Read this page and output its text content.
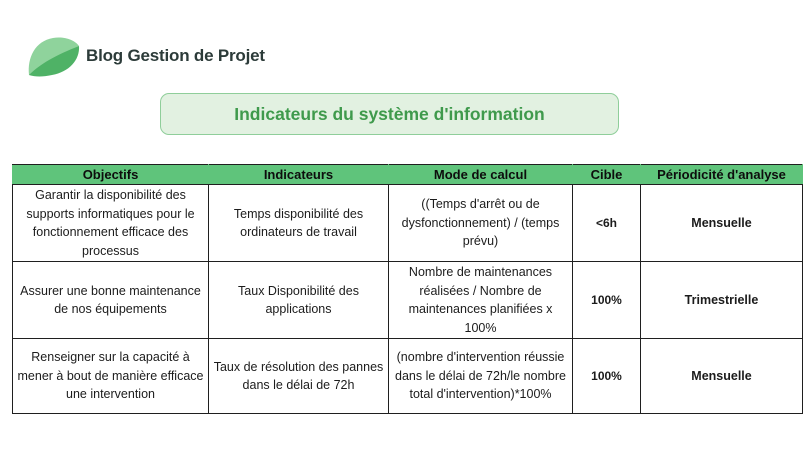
Blog Gestion de Projet
Indicateurs du système d'information
Objectifs	Indicateurs	Mode de calcul	Cible	Périodicité d'analyse
Garantir la disponibilité des supports informatiques pour le fonctionnement efficace des processus	Temps disponibilité des ordinateurs de travail	((Temps d'arrêt ou de dysfonctionnement) / (temps prévu)	<6h	Mensuelle
Assurer une bonne maintenance de nos équipements	Taux Disponibilité des applications	Nombre de maintenances réalisées / Nombre de maintenances planifiées x 100%	100%	Trimestrielle
Renseigner sur la capacité à mener à bout de manière efficace une intervention	Taux de résolution des pannes dans le délai de 72h	(nombre d'intervention réussie dans le délai de 72h/le nombre total d'intervention)*100%	100%	Mensuelle
